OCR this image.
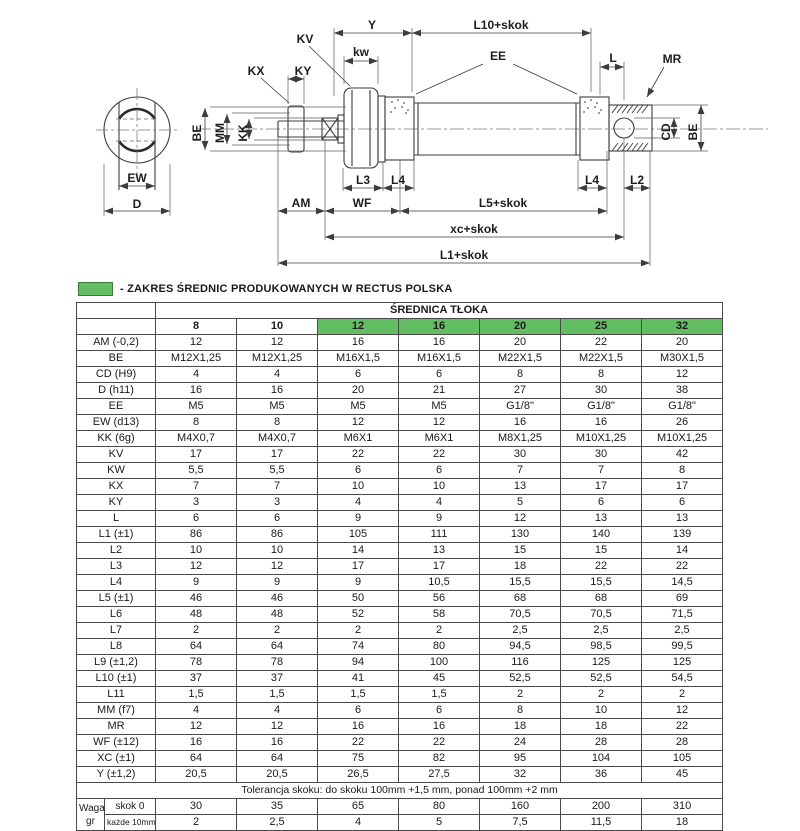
KV
Y	L10+skok
kw
KX	KY
EE	L	MR
BE MM KK	CD BE
EW
D
L3 L4	L4	L2
AM	WF	L5+skok
xc+skok
L1+skok
- ZAKRES ŚREDNIC PRODUKOWANYCH W RECTUS POLSKA
		ŚREDNICA TŁOKA						
		8	10	12	16	20	25	32
AM (-0,2)		12	12	16	16	20	22	20
BE		M12X1,25	M12X1,25	M16X1,5	M16X1,5	M22X1,5	M22X1,5	M30X1,5
CD (H9)		4	4	6	6	8	8	12
D (h11)		16	16	20	21	27	30	38
EE		M5	M5	M5	M5	G1/8"	G1/8"	G1/8"
EW (d13)		8	8	12	12	16	16	26
KK (6g)		M4X0,7	M4X0,7	M6X1	M6X1	M8X1,25	M10X1,25	M10X1,25
KV		17	17	22	22	30	30	42
KW		5,5	5,5	6	6	7	7	8
KX		7	7	10	10	13	17	17
KY		3	3	4	4	5	6	6
L		6	6	9	9	12	13	13
L1 (±1)		86	86	105	111	130	140	139
L2		10	10	14	13	15	15	14
L3		12	12	17	17	18	22	22
L4		9	9	9	10,5	15,5	15,5	14,5
L5 (±1)		46	46	50	56	68	68	69
L6		48	48	52	58	70,5	70,5	71,5
L7		2	2	2	2	2,5	2,5	2,5
L8		64	64	74	80	94,5	98,5	99,5
L9 (±1,2)		78	78	94	100	116	125	125
L10 (±1)		37	37	41	45	52,5	52,5	54,5
L11		1,5	1,5	1,5	1,5	2	2	2
MM (f7)		4	4	6	6	8	10	12
MR		12	12	16	16	18	18	22
WF (±12)		16	16	22	22	24	28	28
XC (±1)		64	64	75	82	95	104	105
Y (±1,2)		20,5	20,5	26,5	27,5	32	36	45
Tolerancja skoku: do skoku 100mm +1,5 mm, ponad 100mm +2 mm								
Waga
gr	skok 0	30	35	65	80	160	200	310
	każde 10mm	2	2,5	4	5	7,5	11,5	18
